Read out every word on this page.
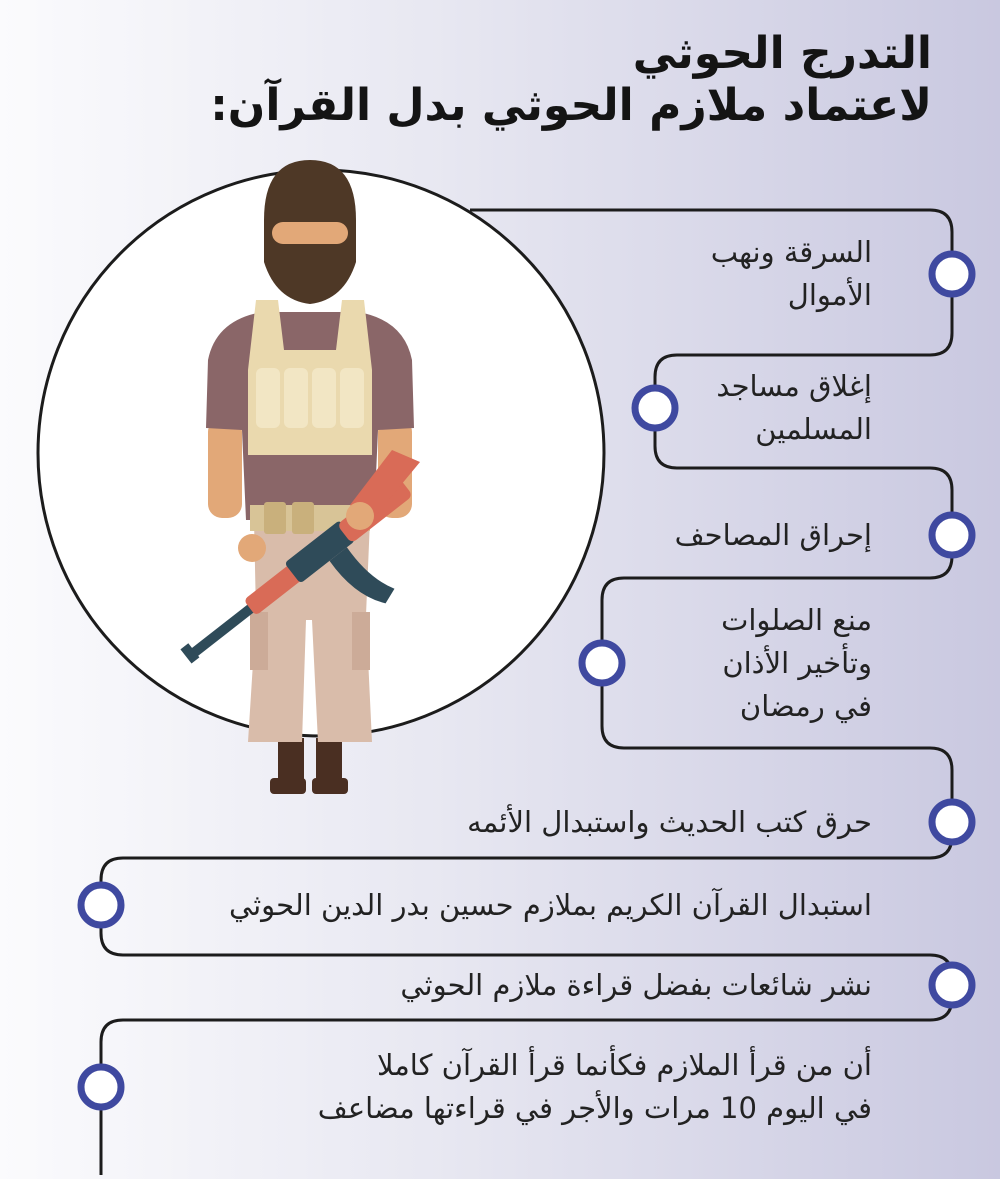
التدرج الحوثي
لاعتماد ملازم الحوثي بدل القرآن:
السرقة ونهب
الأموال
إغلاق مساجد
المسلمين
إحراق المصاحف
منع الصلوات
وتأخير الأذان
في رمضان
حرق كتب الحديث واستبدال الأئمه
استبدال القرآن الكريم بملازم حسين بدر الدين الحوثي
نشر شائعات بفضل قراءة ملازم الحوثي
أن من قرأ الملازم فكأنما قرأ القرآن كاملا
في اليوم 10 مرات والأجر في قراءتها مضاعف
